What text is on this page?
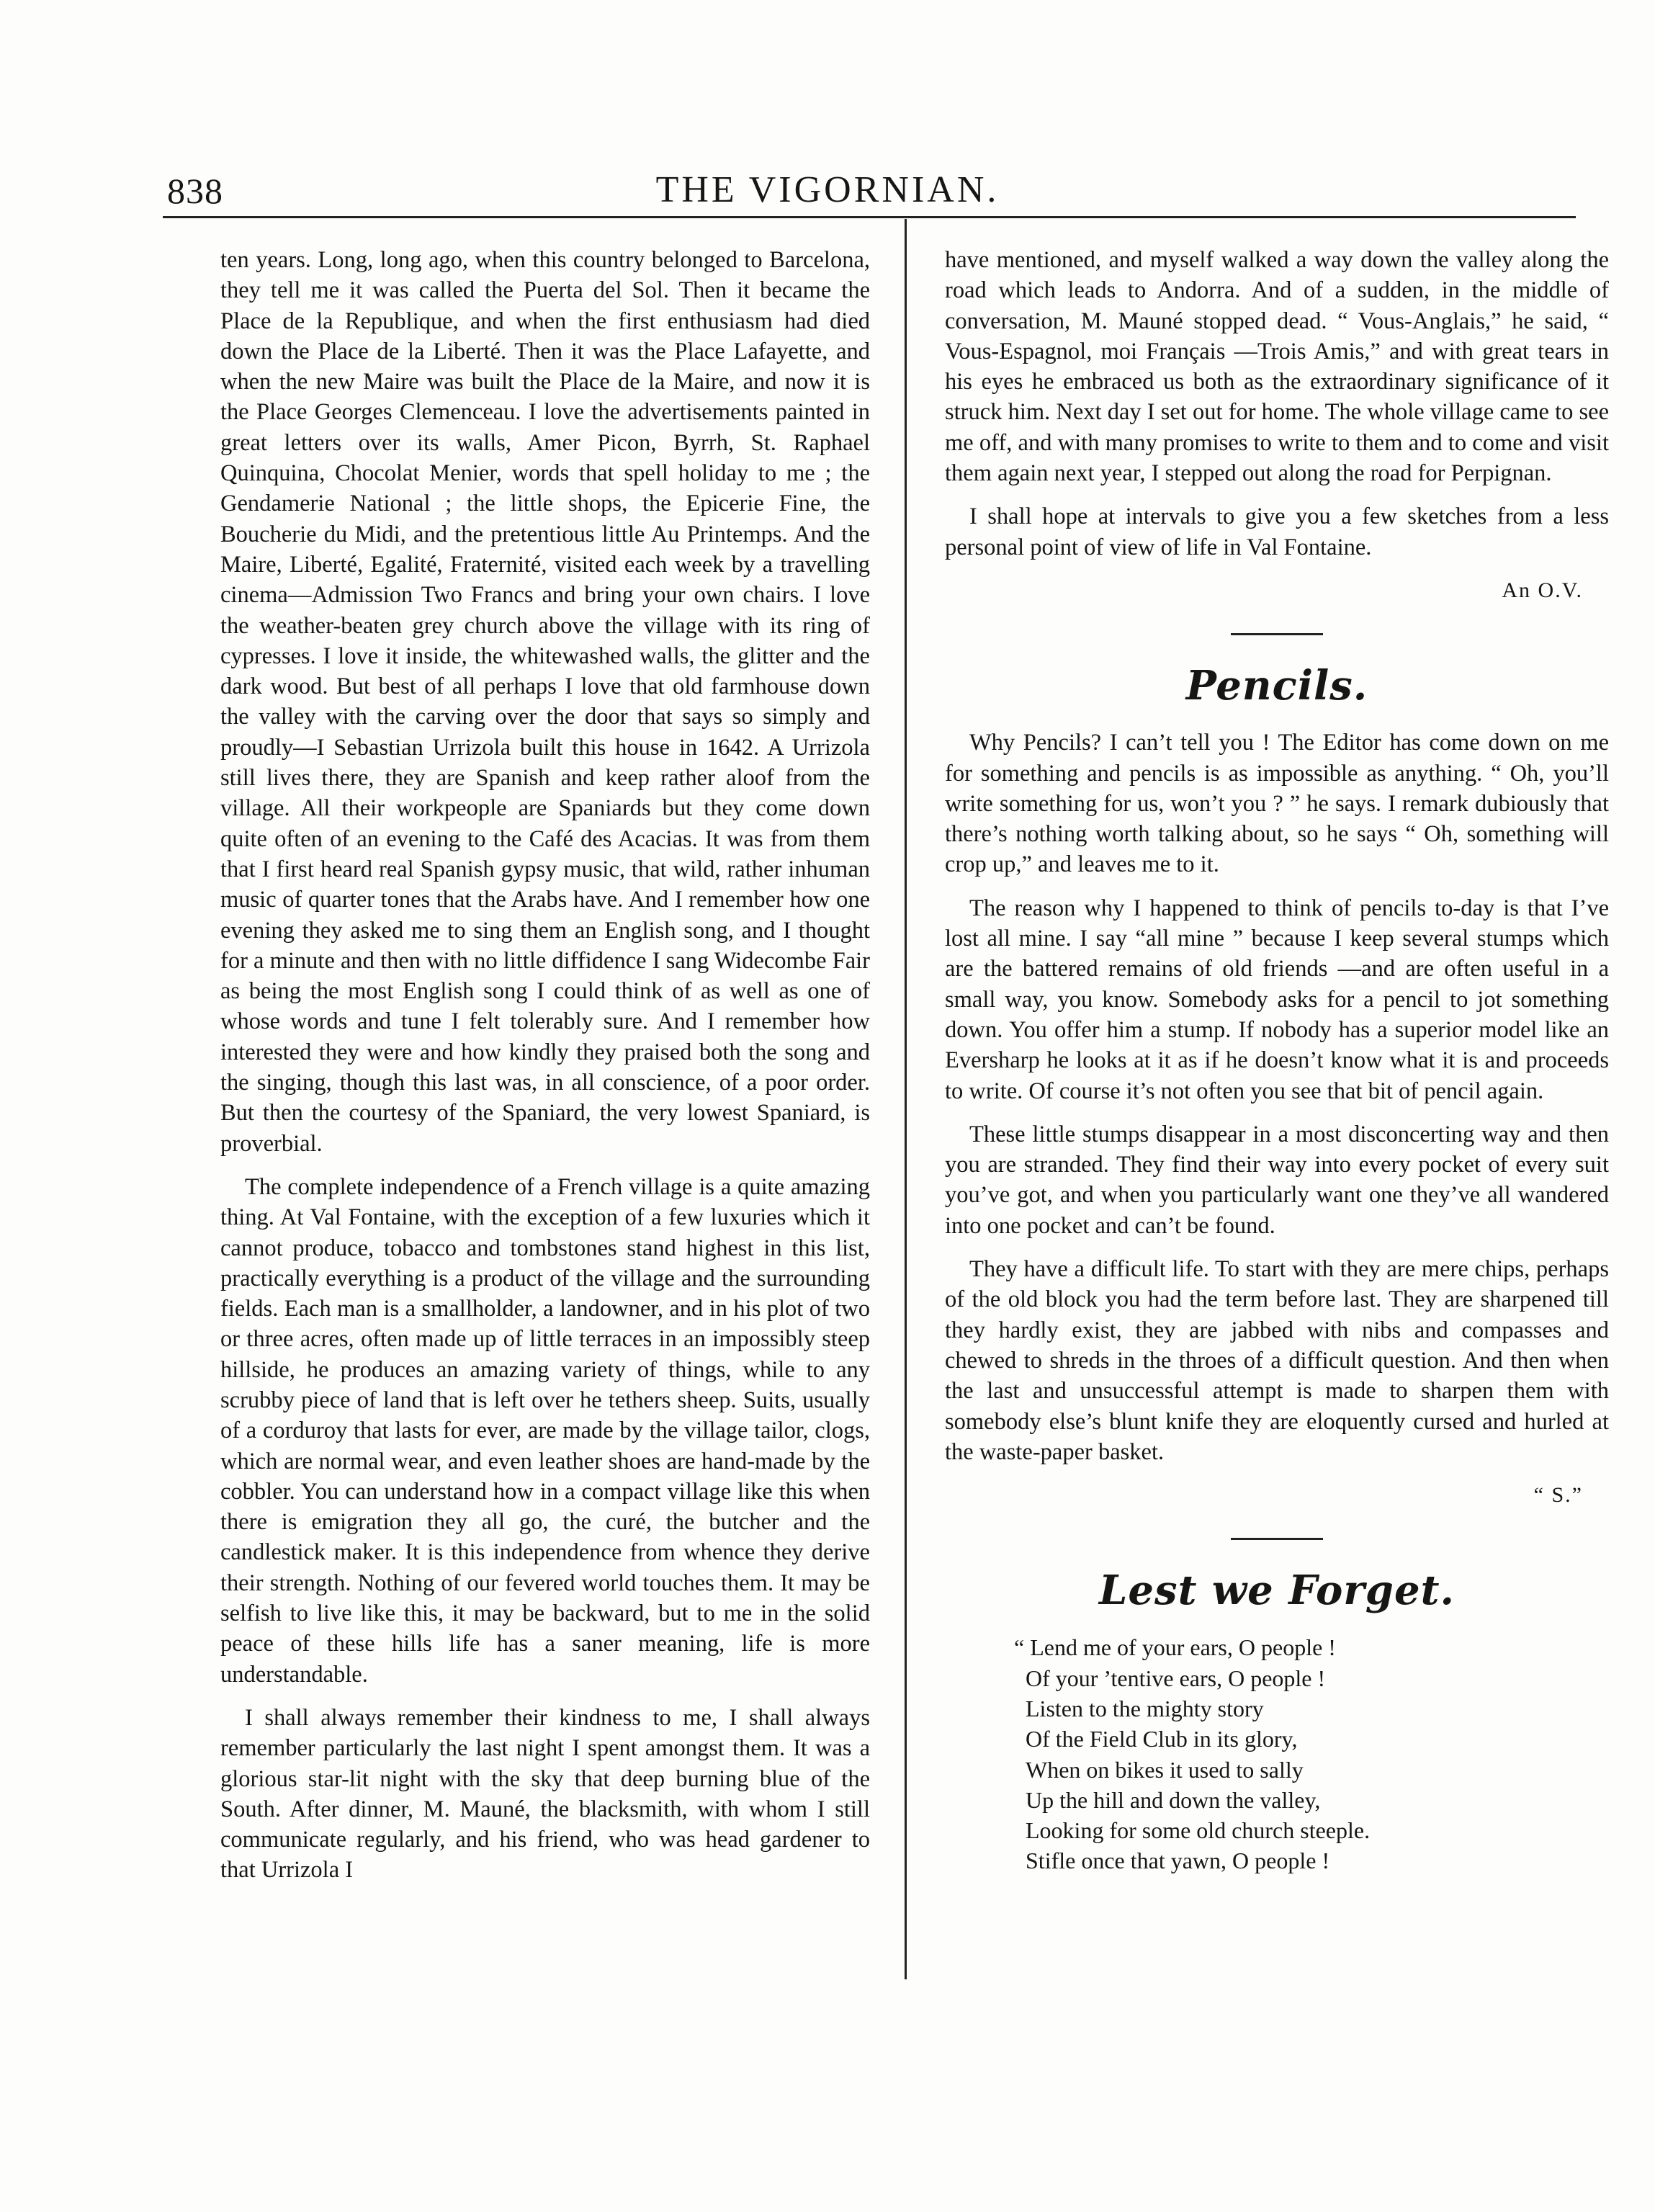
838	THE VIGORNIAN.

ten years. Long, long ago, when this country belonged to Barcelona, they tell me it was called the Puerta del Sol. Then it became the Place de la Republique, and when the first enthusiasm had died down the Place de la Liberté. Then it was the Place Lafayette, and when the new Maire was built the Place de la Maire, and now it is the Place Georges Clemenceau. I love the advertisements painted in great letters over its walls, Amer Picon, Byrrh, St. Raphael Quinquina, Chocolat Menier, words that spell holiday to me ; the Gendamerie National ; the little shops, the Epicerie Fine, the Boucherie du Midi, and the pretentious little Au Printemps. And the Maire, Liberté, Egalité, Fraternité, visited each week by a travelling cinema—Admission Two Francs and bring your own chairs. I love the weather-beaten grey church above the village with its ring of cypresses. I love it inside, the whitewashed walls, the glitter and the dark wood. But best of all perhaps I love that old farmhouse down the valley with the carving over the door that says so simply and proudly—I Sebastian Urrizola built this house in 1642. A Urrizola still lives there, they are Spanish and keep rather aloof from the village. All their workpeople are Spaniards but they come down quite often of an evening to the Café des Acacias. It was from them that I first heard real Spanish gypsy music, that wild, rather inhuman music of quarter tones that the Arabs have. And I remember how one evening they asked me to sing them an English song, and I thought for a minute and then with no little diffidence I sang Widecombe Fair as being the most English song I could think of as well as one of whose words and tune I felt tolerably sure. And I remember how interested they were and how kindly they praised both the song and the singing, though this last was, in all conscience, of a poor order. But then the courtesy of the Spaniard, the very lowest Spaniard, is proverbial.

The complete independence of a French village is a quite amazing thing. At Val Fontaine, with the exception of a few luxuries which it cannot produce, tobacco and tombstones stand highest in this list, practically everything is a product of the village and the surrounding fields. Each man is a smallholder, a landowner, and in his plot of two or three acres, often made up of little terraces in an impossibly steep hillside, he produces an amazing variety of things, while to any scrubby piece of land that is left over he tethers sheep. Suits, usually of a corduroy that lasts for ever, are made by the village tailor, clogs, which are normal wear, and even leather shoes are hand-made by the cobbler. You can understand how in a compact village like this when there is emigration they all go, the curé, the butcher and the candlestick maker. It is this independence from whence they derive their strength. Nothing of our fevered world touches them. It may be selfish to live like this, it may be backward, but to me in the solid peace of these hills life has a saner meaning, life is more understandable.

I shall always remember their kindness to me, I shall always remember particularly the last night I spent amongst them. It was a glorious star-lit night with the sky that deep burning blue of the South. After dinner, M. Mauné, the blacksmith, with whom I still communicate regularly, and his friend, who was head gardener to that Urrizola I

have mentioned, and myself walked a way down the valley along the road which leads to Andorra. And of a sudden, in the middle of conversation, M. Mauné stopped dead. “ Vous-Anglais,” he said, “ Vous-Espagnol, moi Français —Trois Amis,” and with great tears in his eyes he embraced us both as the extraordinary significance of it struck him. Next day I set out for home. The whole village came to see me off, and with many promises to write to them and to come and visit them again next year, I stepped out along the road for Perpignan.

I shall hope at intervals to give you a few sketches from a less personal point of view of life in Val Fontaine.

An O.V.
Pencils.

Why Pencils? I can’t tell you ! The Editor has come down on me for something and pencils is as impossible as anything. “ Oh, you’ll write something for us, won’t you ? ” he says. I remark dubiously that there’s nothing worth talking about, so he says “ Oh, something will crop up,” and leaves me to it.

The reason why I happened to think of pencils to-day is that I’ve lost all mine. I say “all mine ” because I keep several stumps which are the battered remains of old friends —and are often useful in a small way, you know. Somebody asks for a pencil to jot something down. You offer him a stump. If nobody has a superior model like an Eversharp he looks at it as if he doesn’t know what it is and proceeds to write. Of course it’s not often you see that bit of pencil again.

These little stumps disappear in a most disconcerting way and then you are stranded. They find their way into every pocket of every suit you’ve got, and when you particularly want one they’ve all wandered into one pocket and can’t be found.

They have a difficult life. To start with they are mere chips, perhaps of the old block you had the term before last. They are sharpened till they hardly exist, they are jabbed with nibs and compasses and chewed to shreds in the throes of a difficult question. And then when the last and unsuccessful attempt is made to sharpen them with somebody else’s blunt knife they are eloquently cursed and hurled at the waste-paper basket.

“ S.”
Lest we Forget.
“ Lend me of your ears, O people !
Of your ’tentive ears, O people !
Listen to the mighty story
Of the Field Club in its glory,
When on bikes it used to sally
Up the hill and down the valley,
Looking for some old church steeple.
Stifle once that yawn, O people !
